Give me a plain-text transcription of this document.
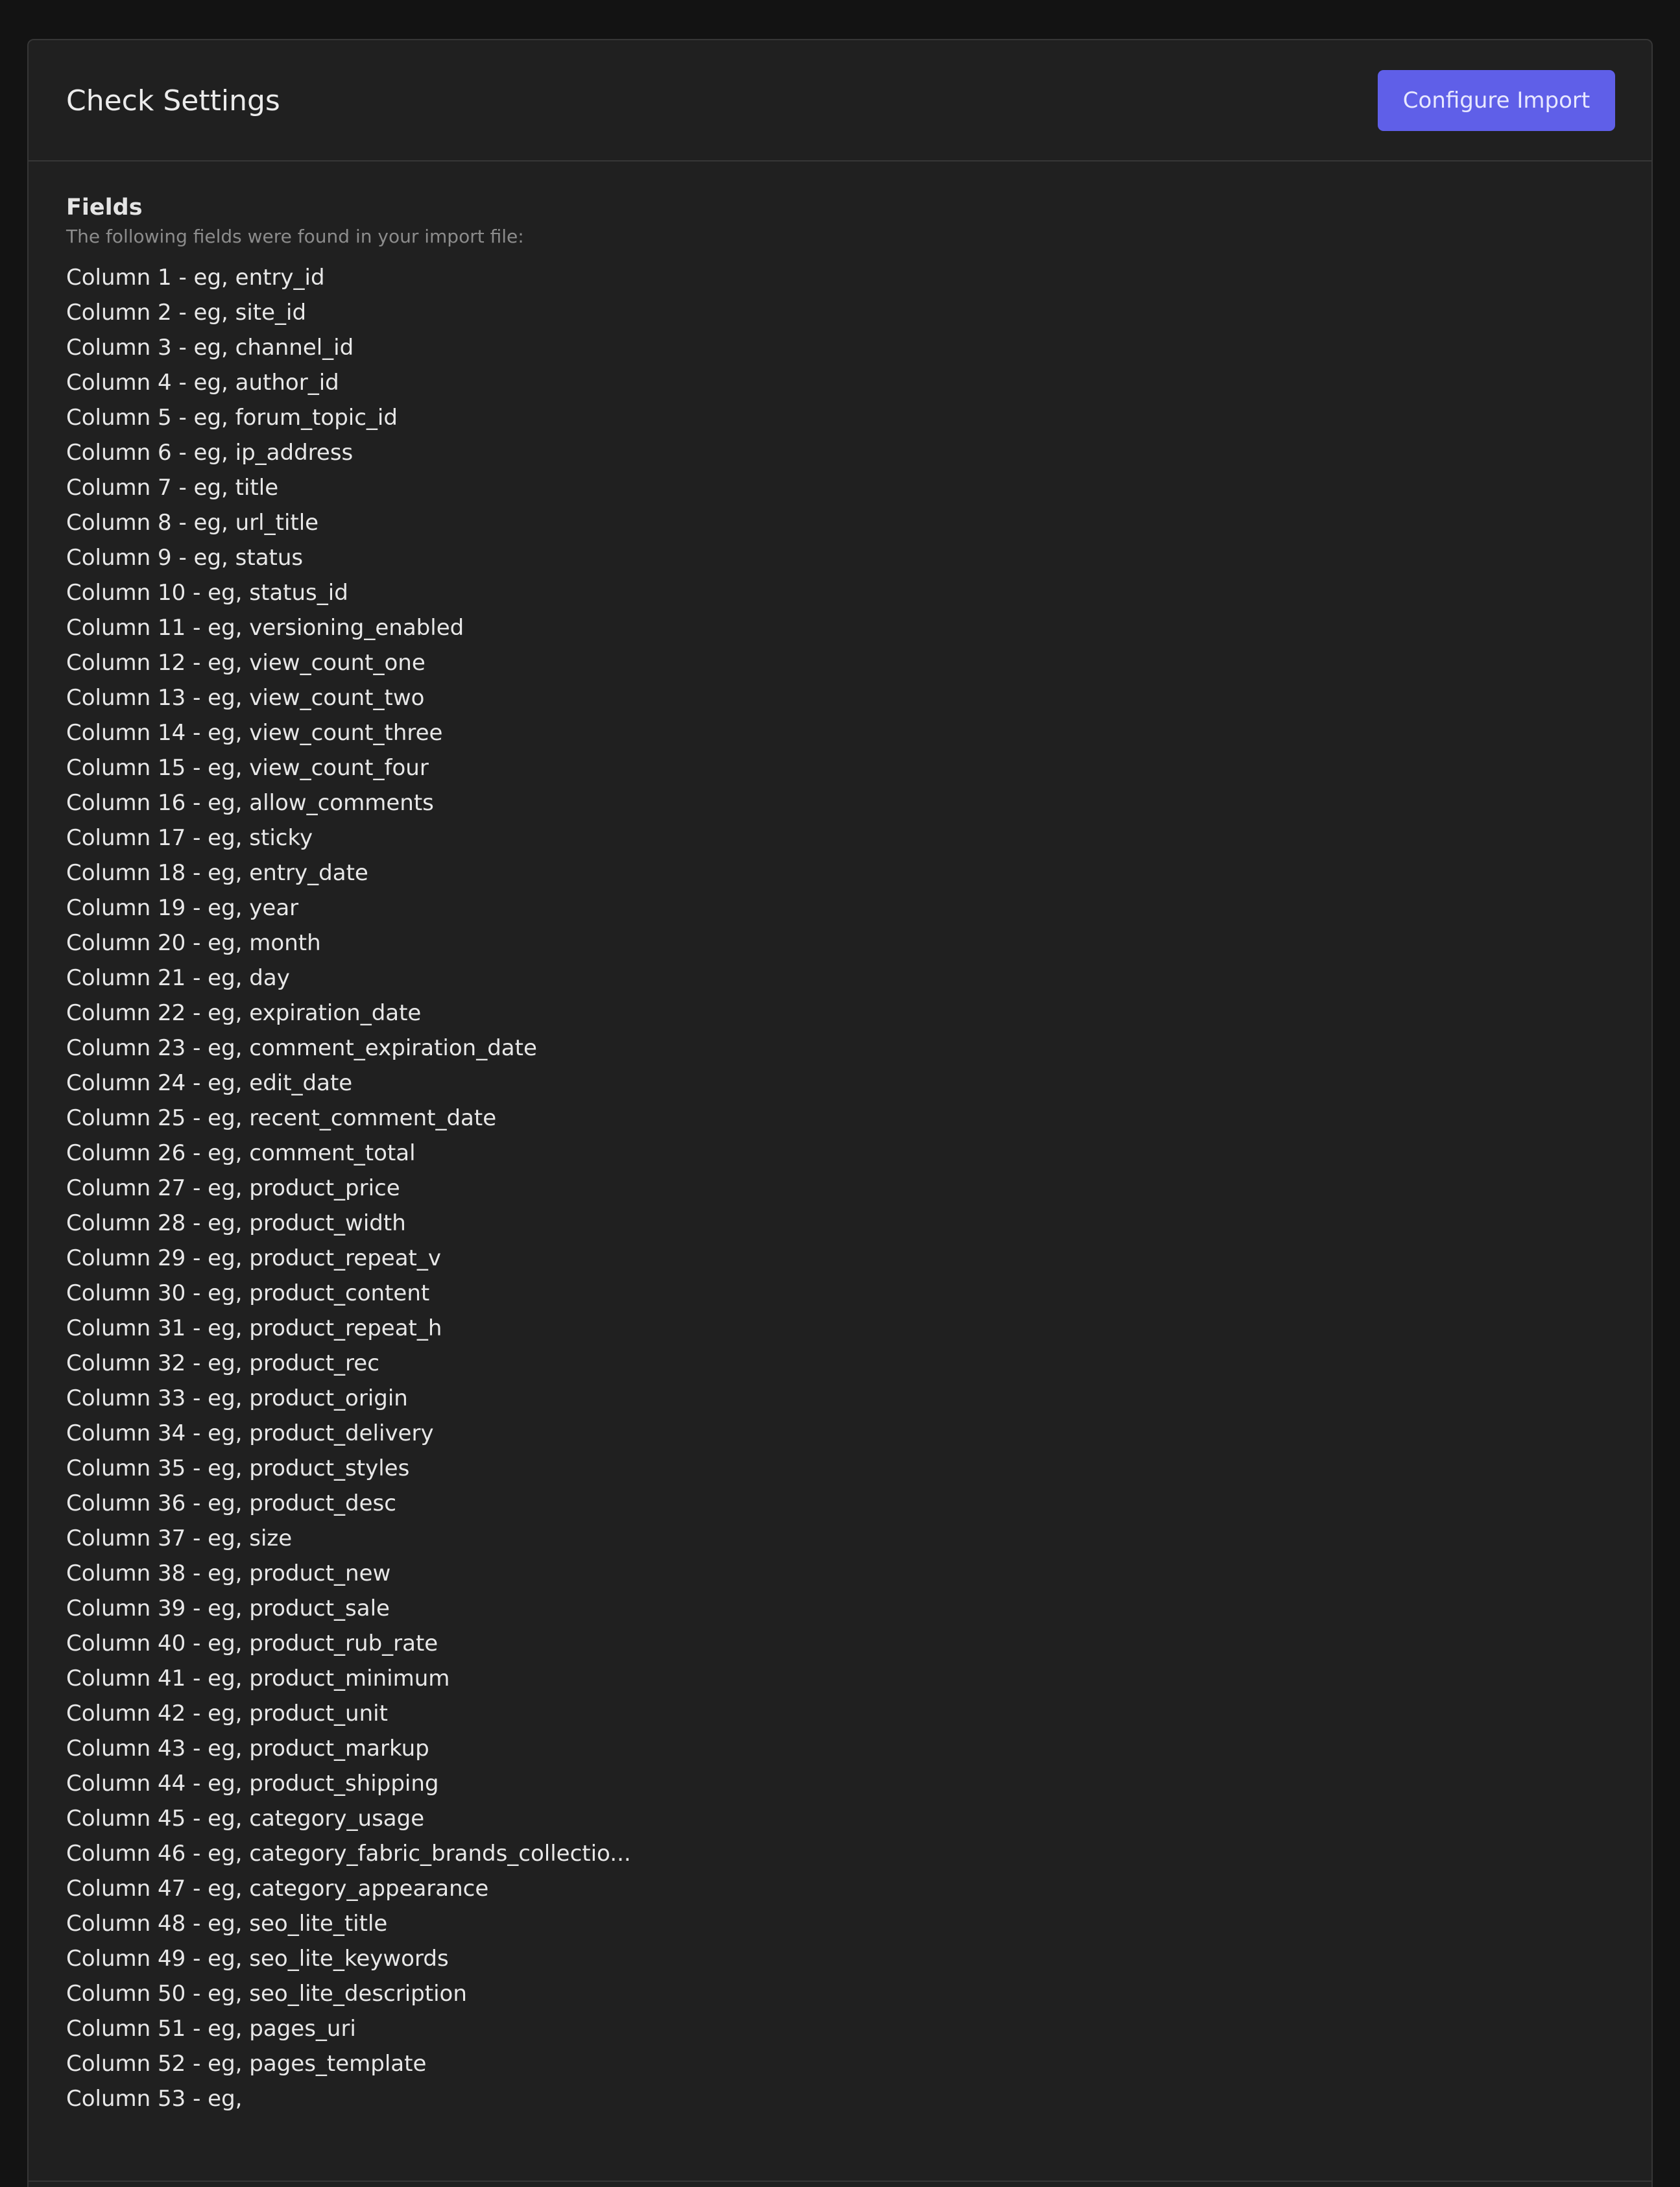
Check Settings	Configure Import
Fields

The following fields were found in your import file:

Column 1 - eg, entry_id
Column 2 - eg, site_id
Column 3 - eg, channel_id
Column 4 - eg, author_id
Column 5 - eg, forum_topic_id
Column 6 - eg, ip_address
Column 7 - eg, title
Column 8 - eg, url_title
Column 9 - eg, status
Column 10 - eg, status_id
Column 11 - eg, versioning_enabled
Column 12 - eg, view_count_one
Column 13 - eg, view_count_two
Column 14 - eg, view_count_three
Column 15 - eg, view_count_four
Column 16 - eg, allow_comments
Column 17 - eg, sticky
Column 18 - eg, entry_date
Column 19 - eg, year
Column 20 - eg, month
Column 21 - eg, day
Column 22 - eg, expiration_date
Column 23 - eg, comment_expiration_date
Column 24 - eg, edit_date
Column 25 - eg, recent_comment_date
Column 26 - eg, comment_total
Column 27 - eg, product_price
Column 28 - eg, product_width
Column 29 - eg, product_repeat_v
Column 30 - eg, product_content
Column 31 - eg, product_repeat_h
Column 32 - eg, product_rec
Column 33 - eg, product_origin
Column 34 - eg, product_delivery
Column 35 - eg, product_styles
Column 36 - eg, product_desc
Column 37 - eg, size
Column 38 - eg, product_new
Column 39 - eg, product_sale
Column 40 - eg, product_rub_rate
Column 41 - eg, product_minimum
Column 42 - eg, product_unit
Column 43 - eg, product_markup
Column 44 - eg, product_shipping
Column 45 - eg, category_usage
Column 46 - eg, category_fabric_brands_collectio...
Column 47 - eg, category_appearance
Column 48 - eg, seo_lite_title
Column 49 - eg, seo_lite_keywords
Column 50 - eg, seo_lite_description
Column 51 - eg, pages_uri
Column 52 - eg, pages_template
Column 53 - eg,
